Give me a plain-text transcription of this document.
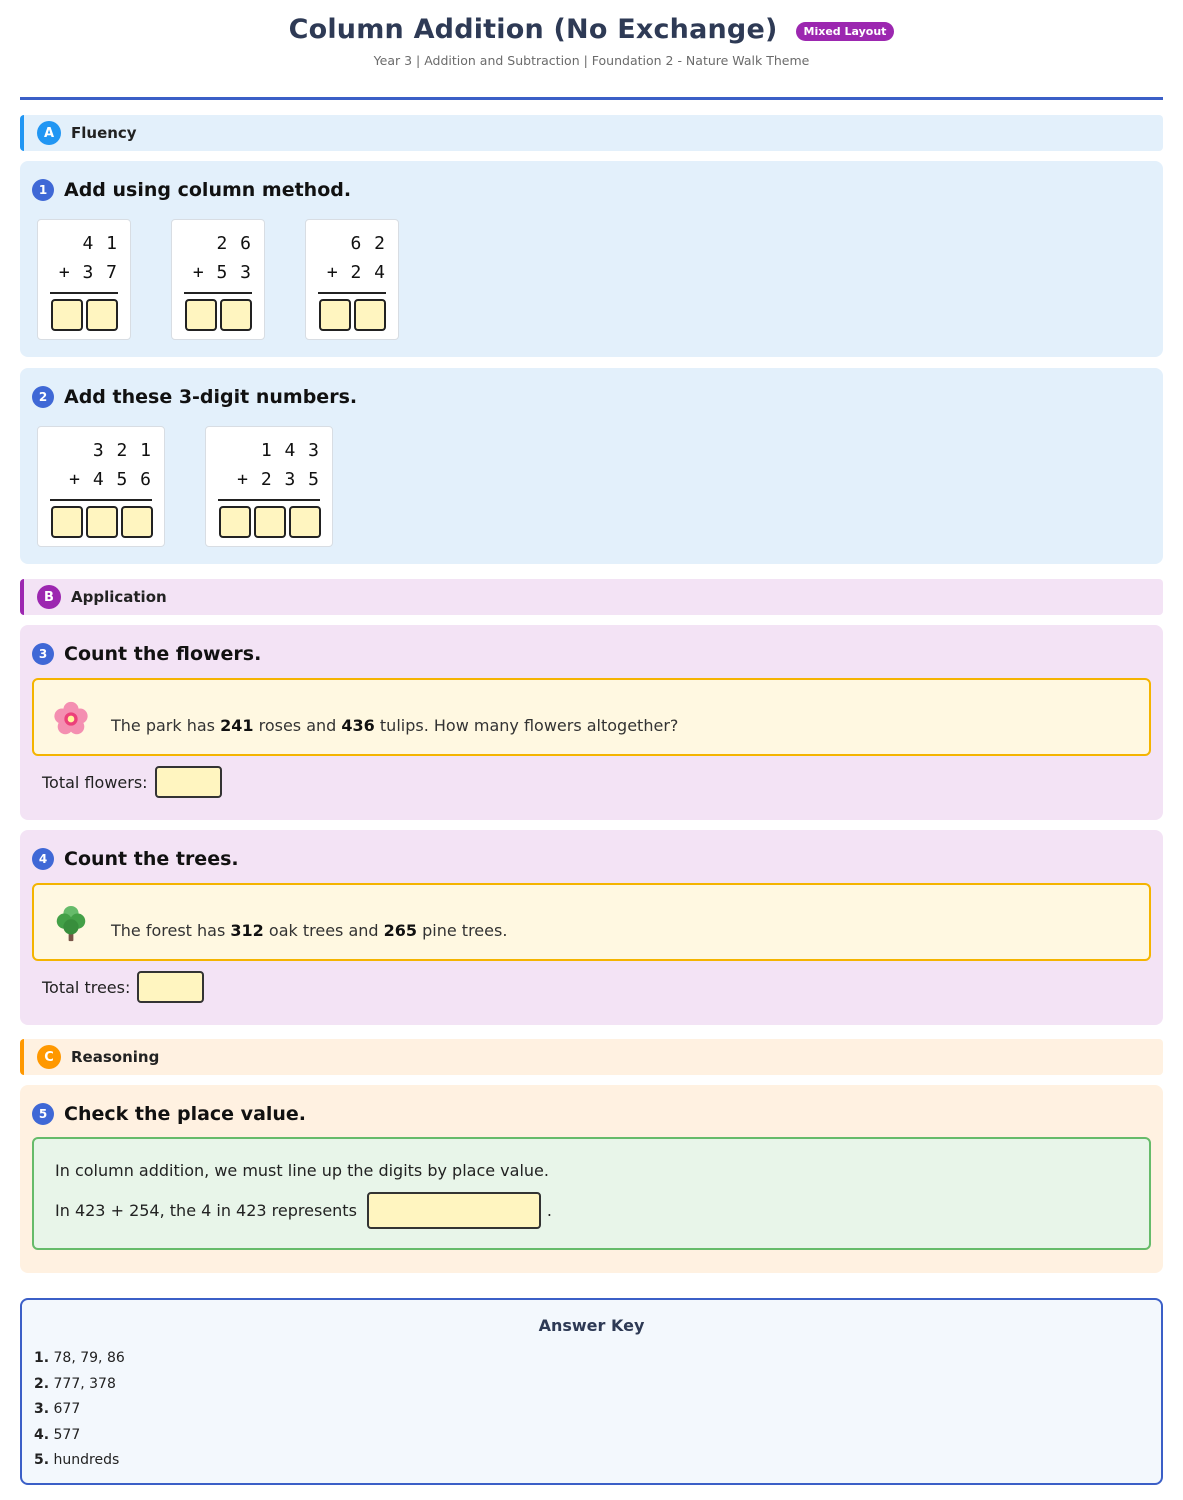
Column Addition (No Exchange)	Mixed Layout
Year 3 | Addition and Subtraction | Foundation 2 - Nature Walk Theme
A	Fluency
1 Add using column method.
4 1
+ 3 7
2 6
+ 5 3
6 2
+ 2 4
2 Add these 3-digit numbers.
3 2 1
+ 4 5 6
1 4 3
+ 2 3 5
B	Application
3 Count the flowers.
The park has 241 roses and 436 tulips. How many flowers altogether?
Total flowers:
4 Count the trees.
The forest has 312 oak trees and 265 pine trees.
Total trees:
C	Reasoning
5 Check the place value.
In column addition, we must line up the digits by place value.
In 423 + 254, the 4 in 423 represents	.
Answer Key
1. 78, 79, 86
2. 777, 378
3. 677
4. 577
5. hundreds
